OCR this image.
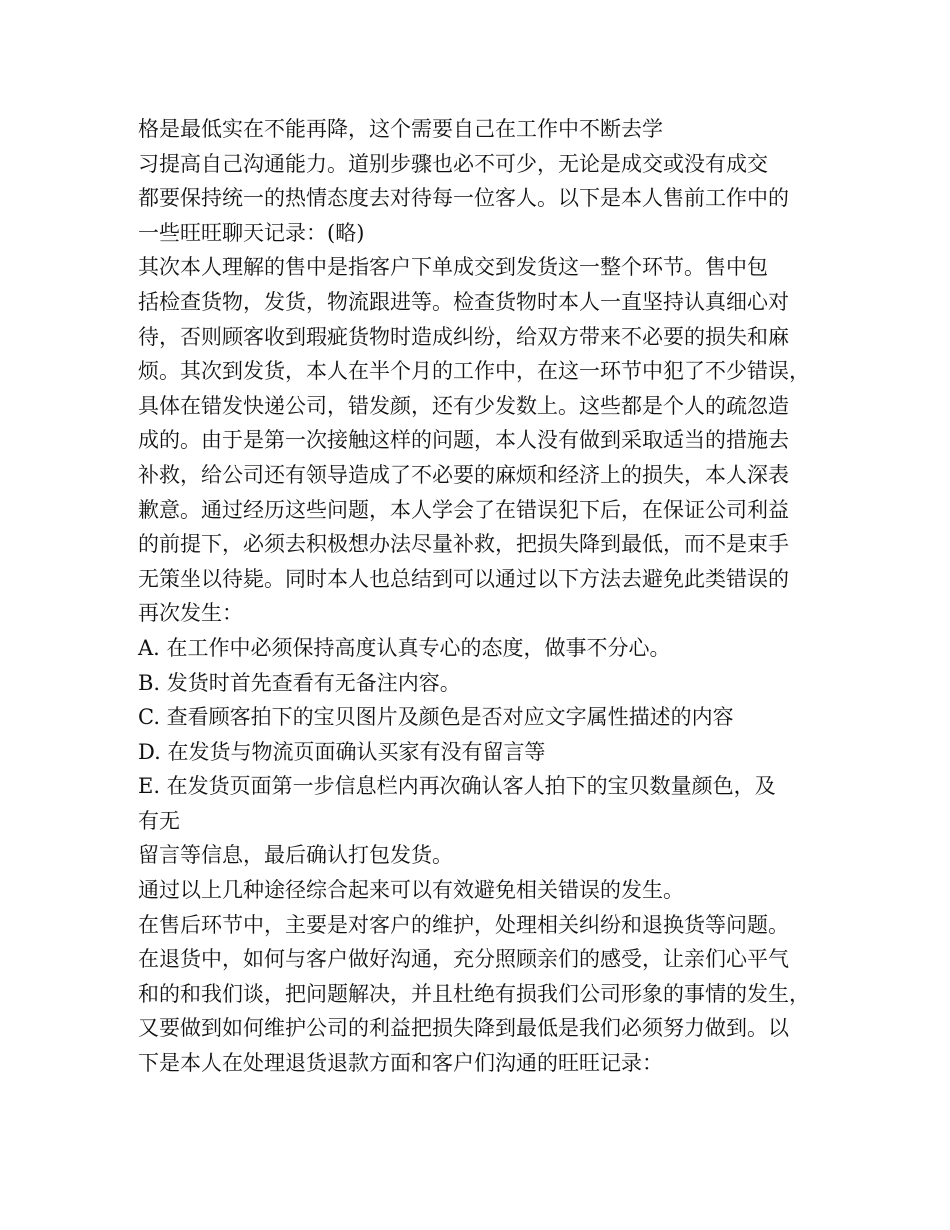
格是最低实在不能再降，这个需要自己在工作中不断去学
习提高自己沟通能力。道别步骤也必不可少，无论是成交或没有成交
都要保持统一的热情态度去对待每一位客人。以下是本人售前工作中的
一些旺旺聊天记录：(略)
其次本人理解的售中是指客户下单成交到发货这一整个环节。售中包
括检查货物，发货，物流跟进等。检查货物时本人一直坚持认真细心对
待，否则顾客收到瑕疵货物时造成纠纷，给双方带来不必要的损失和麻
烦。其次到发货，本人在半个月的工作中，在这一环节中犯了不少错误，
具体在错发快递公司，错发颜，还有少发数上。这些都是个人的疏忽造
成的。由于是第一次接触这样的问题，本人没有做到采取适当的措施去
补救，给公司还有领导造成了不必要的麻烦和经济上的损失，本人深表
歉意。通过经历这些问题，本人学会了在错误犯下后，在保证公司利益
的前提下，必须去积极想办法尽量补救，把损失降到最低，而不是束手
无策坐以待毙。同时本人也总结到可以通过以下方法去避免此类错误的
再次发生：
A. 在工作中必须保持高度认真专心的态度，做事不分心。
B. 发货时首先查看有无备注内容。
C. 查看顾客拍下的宝贝图片及颜色是否对应文字属性描述的内容
D. 在发货与物流页面确认买家有没有留言等
E. 在发货页面第一步信息栏内再次确认客人拍下的宝贝数量颜色，及
有无
留言等信息，最后确认打包发货。
通过以上几种途径综合起来可以有效避免相关错误的发生。
在售后环节中，主要是对客户的维护，处理相关纠纷和退换货等问题。
在退货中，如何与客户做好沟通，充分照顾亲们的感受，让亲们心平气
和的和我们谈，把问题解决，并且杜绝有损我们公司形象的事情的发生，
又要做到如何维护公司的利益把损失降到最低是我们必须努力做到。以
下是本人在处理退货退款方面和客户们沟通的旺旺记录：
